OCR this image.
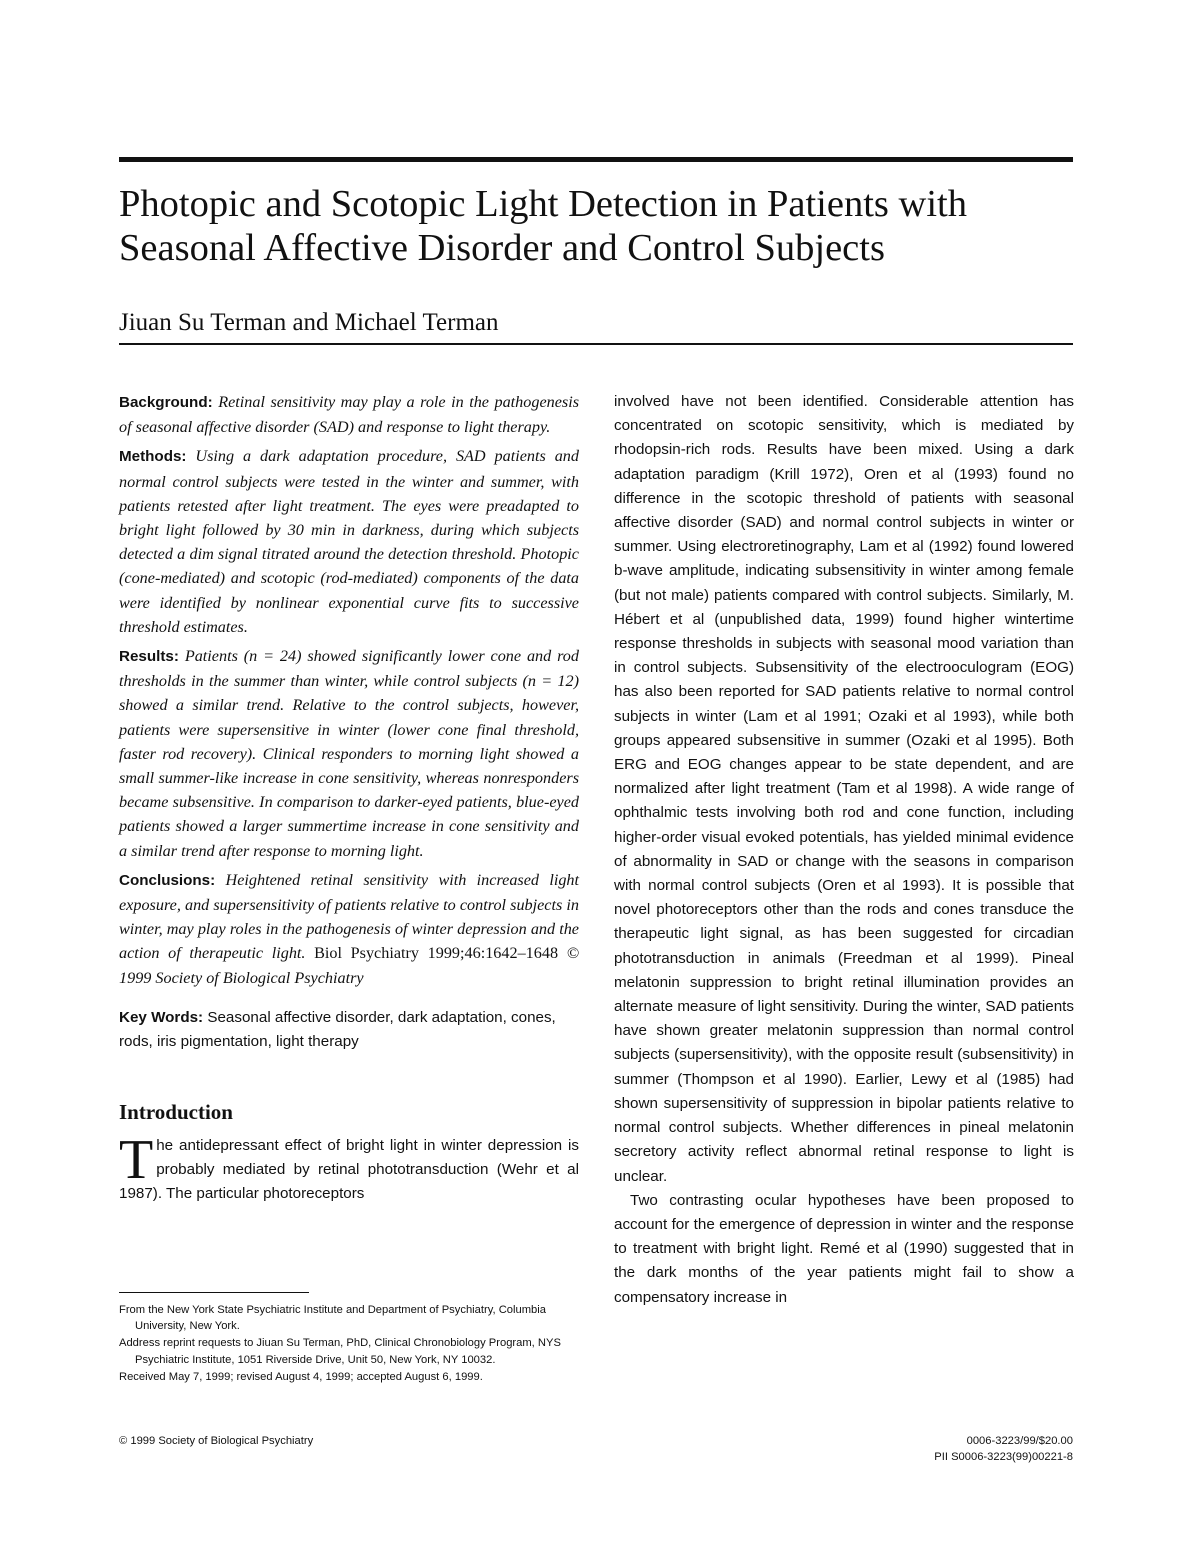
Photopic and Scotopic Light Detection in Patients with Seasonal Affective Disorder and Control Subjects

Jiuan Su Terman and Michael Terman

Background: Retinal sensitivity may play a role in the pathogenesis of seasonal affective disorder (SAD) and response to light therapy.

Methods: Using a dark adaptation procedure, SAD patients and normal control subjects were tested in the winter and summer, with patients retested after light treatment. The eyes were preadapted to bright light followed by 30 min in darkness, during which subjects detected a dim signal titrated around the detection threshold. Photopic (cone-mediated) and scotopic (rod-mediated) components of the data were identified by nonlinear exponential curve fits to successive threshold estimates.

Results: Patients (n = 24) showed significantly lower cone and rod thresholds in the summer than winter, while control subjects (n = 12) showed a similar trend. Relative to the control subjects, however, patients were supersensitive in winter (lower cone final threshold, faster rod recovery). Clinical responders to morning light showed a small summer-like increase in cone sensitivity, whereas nonresponders became subsensitive. In comparison to darker-eyed patients, blue-eyed patients showed a larger summertime increase in cone sensitivity and a similar trend after response to morning light.

Conclusions: Heightened retinal sensitivity with increased light exposure, and supersensitivity of patients relative to control subjects in winter, may play roles in the pathogenesis of winter depression and the action of therapeutic light. Biol Psychiatry 1999;46:1642–1648 © 1999 Society of Biological Psychiatry

Key Words: Seasonal affective disorder, dark adaptation, cones, rods, iris pigmentation, light therapy

Introduction

The antidepressant effect of bright light in winter depression is probably mediated by retinal phototransduction (Wehr et al 1987). The particular photoreceptors

From the New York State Psychiatric Institute and Department of Psychiatry, Columbia University, New York.

Address reprint requests to Jiuan Su Terman, PhD, Clinical Chronobiology Program, NYS Psychiatric Institute, 1051 Riverside Drive, Unit 50, New York, NY 10032.

Received May 7, 1999; revised August 4, 1999; accepted August 6, 1999.

involved have not been identified. Considerable attention has concentrated on scotopic sensitivity, which is mediated by rhodopsin-rich rods. Results have been mixed. Using a dark adaptation paradigm (Krill 1972), Oren et al (1993) found no difference in the scotopic threshold of patients with seasonal affective disorder (SAD) and normal control subjects in winter or summer. Using electroretinography, Lam et al (1992) found lowered b-wave amplitude, indicating subsensitivity in winter among female (but not male) patients compared with control subjects. Similarly, M. Hébert et al (unpublished data, 1999) found higher wintertime response thresholds in subjects with seasonal mood variation than in control subjects. Subsensitivity of the electrooculogram (EOG) has also been reported for SAD patients relative to normal control subjects in winter (Lam et al 1991; Ozaki et al 1993), while both groups appeared subsensitive in summer (Ozaki et al 1995). Both ERG and EOG changes appear to be state dependent, and are normalized after light treatment (Tam et al 1998). A wide range of ophthalmic tests involving both rod and cone function, including higher-order visual evoked potentials, has yielded minimal evidence of abnormality in SAD or change with the seasons in comparison with normal control subjects (Oren et al 1993). It is possible that novel photoreceptors other than the rods and cones transduce the therapeutic light signal, as has been suggested for circadian phototransduction in animals (Freedman et al 1999). Pineal melatonin suppression to bright retinal illumination provides an alternate measure of light sensitivity. During the winter, SAD patients have shown greater melatonin suppression than normal control subjects (supersensitivity), with the opposite result (subsensitivity) in summer (Thompson et al 1990). Earlier, Lewy et al (1985) had shown supersensitivity of suppression in bipolar patients relative to normal control subjects. Whether differences in pineal melatonin secretory activity reflect abnormal retinal response to light is unclear.

Two contrasting ocular hypotheses have been proposed to account for the emergence of depression in winter and the response to treatment with bright light. Remé et al (1990) suggested that in the dark months of the year patients might fail to show a compensatory increase in

© 1999 Society of Biological Psychiatry	0006-3223/99/$20.00
PII S0006-3223(99)00221-8
